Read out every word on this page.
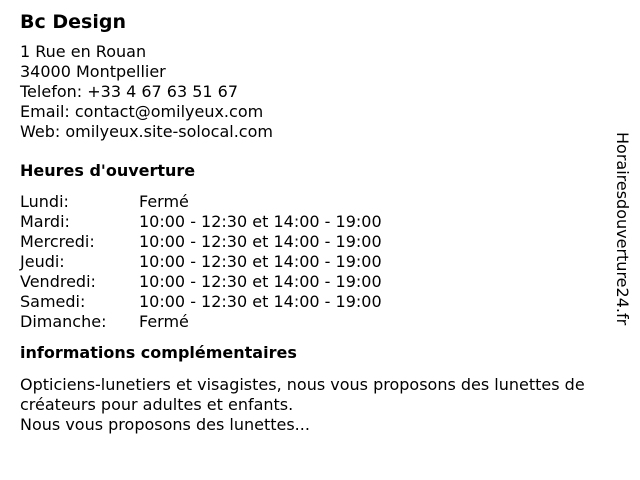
Bc Design
1 Rue en Rouan
34000 Montpellier
Telefon: +33 4 67 63 51 67
Email: contact@omilyeux.com
Web: omilyeux.site-solocal.com
Heures d'ouverture
Lundi:	Fermé
Mardi:	10:00 - 12:30 et 14:00 - 19:00
Mercredi:	10:00 - 12:30 et 14:00 - 19:00
Jeudi:	10:00 - 12:30 et 14:00 - 19:00
Vendredi:	10:00 - 12:30 et 14:00 - 19:00
Samedi:	10:00 - 12:30 et 14:00 - 19:00
Dimanche:	Fermé
informations complémentaires
Opticiens-lunetiers et visagistes, nous vous proposons des lunettes de créateurs pour adultes et enfants.
Nous vous proposons des lunettes...
Horairesdouverture24.fr
